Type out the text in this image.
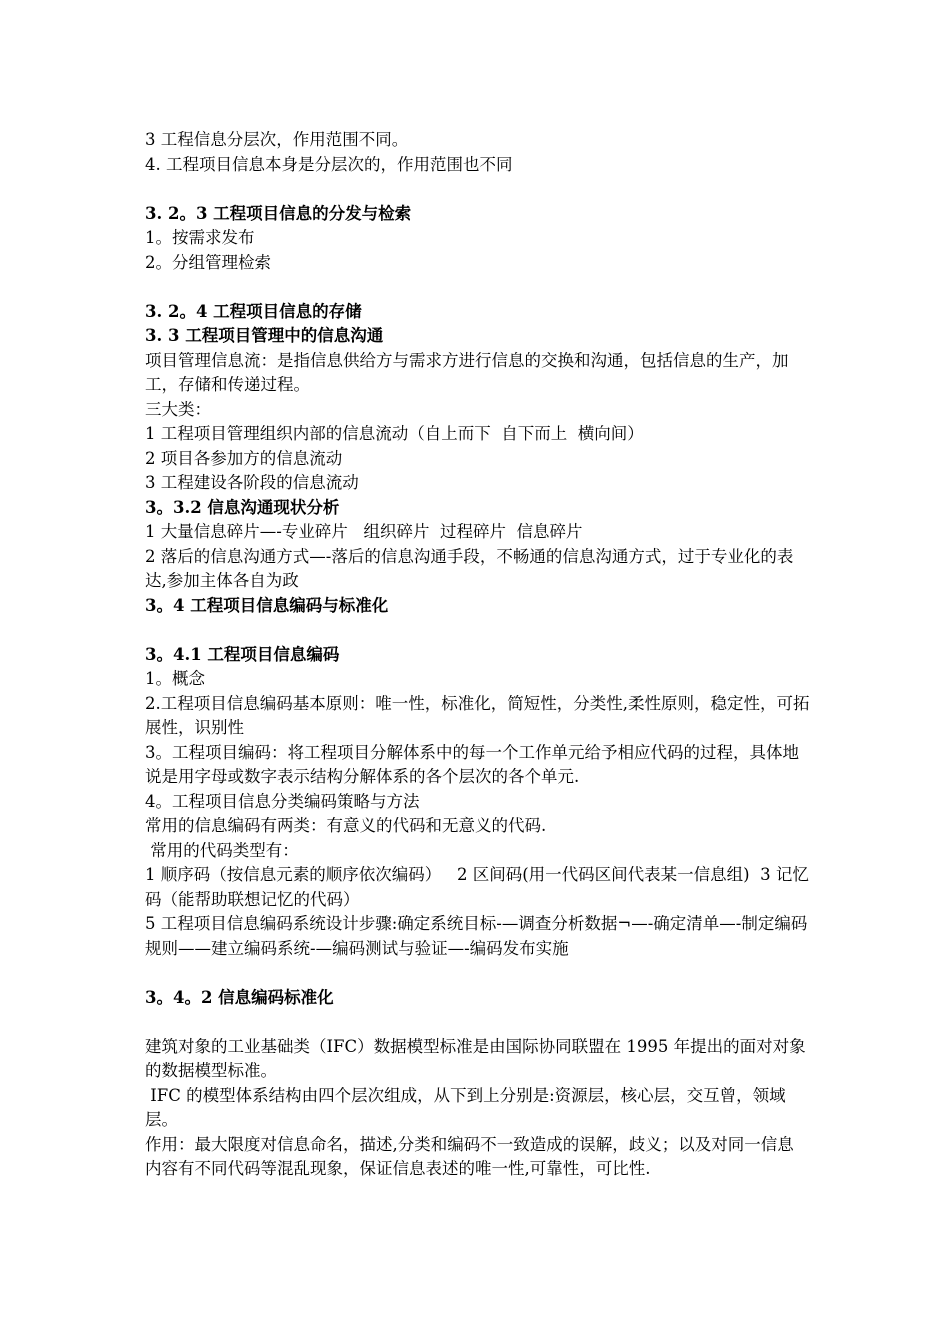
3 工程信息分层次，作用范围不同。

4. 工程项目信息本身是分层次的，作用范围也不同

3. 2。3 工程项目信息的分发与检索

1。按需求发布

2。分组管理检索

3. 2。4 工程项目信息的存储

3. 3 工程项目管理中的信息沟通

项目管理信息流：是指信息供给方与需求方进行信息的交换和沟通，包括信息的生产，加工，存储和传递过程。

三大类：

1 工程项目管理组织内部的信息流动（自上而下  自下而上  横向间）

2 项目各参加方的信息流动

3 工程建设各阶段的信息流动

3。3.2 信息沟通现状分析

1 大量信息碎片—-专业碎片   组织碎片  过程碎片  信息碎片

2 落后的信息沟通方式—-落后的信息沟通手段，不畅通的信息沟通方式，过于专业化的表达,参加主体各自为政

3。4 工程项目信息编码与标准化

3。4.1 工程项目信息编码

1。概念

2.工程项目信息编码基本原则：唯一性，标准化，简短性，分类性,柔性原则，稳定性，可拓展性，识别性

3。工程项目编码：将工程项目分解体系中的每一个工作单元给予相应代码的过程，具体地说是用字母或数字表示结构分解体系的各个层次的各个单元.

4。工程项目信息分类编码策略与方法

常用的信息编码有两类：有意义的代码和无意义的代码.

常用的代码类型有：

1 顺序码（按信息元素的顺序依次编码）   2 区间码(用一代码区间代表某一信息组)  3 记忆码（能帮助联想记忆的代码）

5 工程项目信息编码系统设计步骤:确定系统目标-—调查分析数据¬—-确定清单—-制定编码规则——建立编码系统-—编码测试与验证—-编码发布实施

3。4。2 信息编码标准化

建筑对象的工业基础类（IFC）数据模型标准是由国际协同联盟在 1995 年提出的面对对象的数据模型标准。

IFC 的模型体系结构由四个层次组成，从下到上分别是:资源层，核心层，交互曾，领域层。

作用：最大限度对信息命名，描述,分类和编码不一致造成的误解，歧义；以及对同一信息内容有不同代码等混乱现象，保证信息表述的唯一性,可靠性，可比性.
